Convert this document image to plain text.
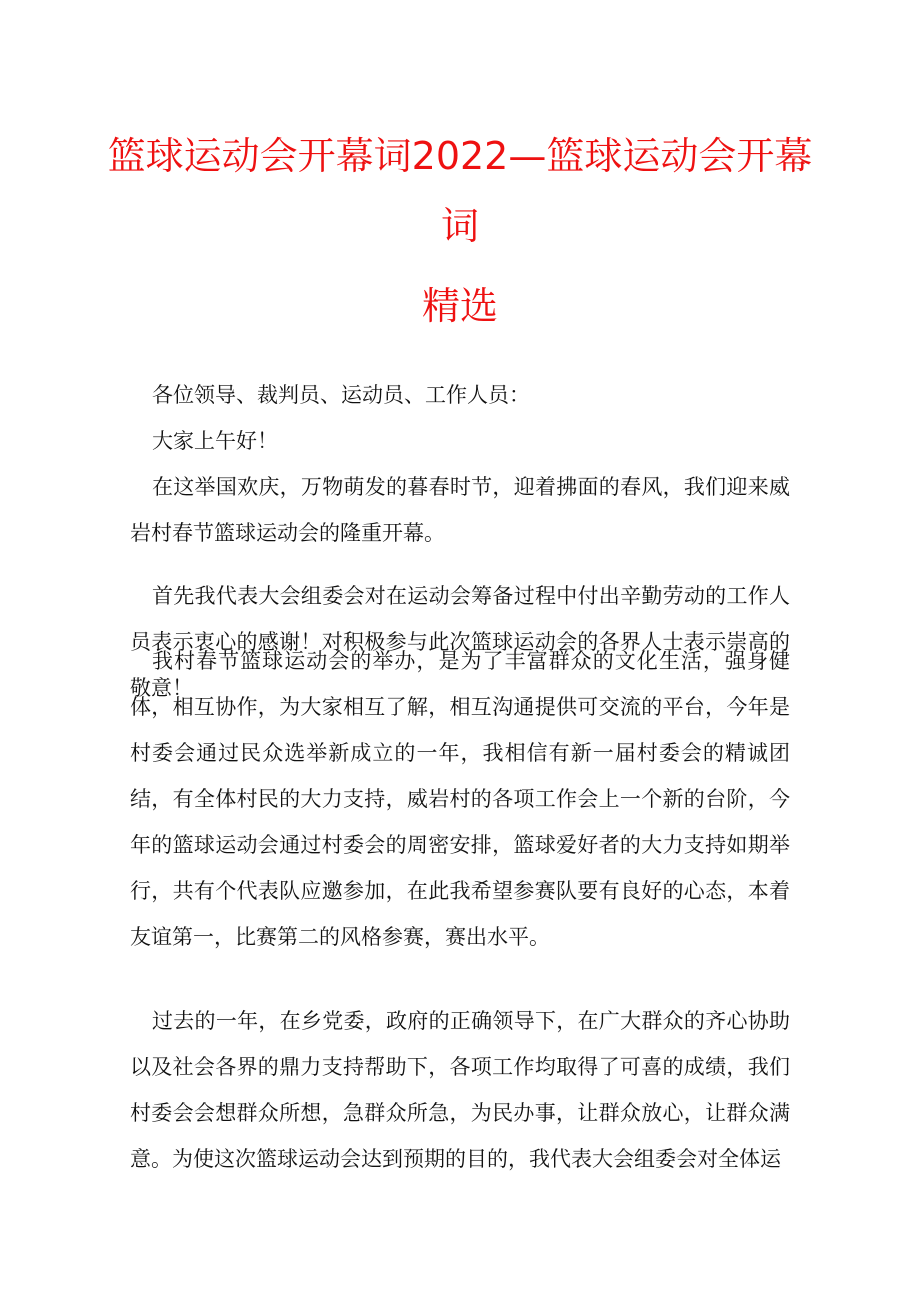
篮球运动会开幕词2022—篮球运动会开幕
词
精选

各位领导、裁判员、运动员、工作人员：

大家上午好！

在这举国欢庆，万物萌发的暮春时节，迎着拂面的春风，我们迎来威岩村春节篮球运动会的隆重开幕。

首先我代表大会组委会对在运动会筹备过程中付出辛勤劳动的工作人员表示衷心的感谢！对积极参与此次篮球运动会的各界人士表示崇高的敬意！

我村春节篮球运动会的举办，是为了丰富群众的文化生活，强身健体，相互协作，为大家相互了解，相互沟通提供可交流的平台，今年是村委会通过民众选举新成立的一年，我相信有新一届村委会的精诚团结，有全体村民的大力支持，威岩村的各项工作会上一个新的台阶，今年的篮球运动会通过村委会的周密安排，篮球爱好者的大力支持如期举行，共有个代表队应邀参加，在此我希望参赛队要有良好的心态，本着友谊第一，比赛第二的风格参赛，赛出水平。

过去的一年，在乡党委，政府的正确领导下，在广大群众的齐心协助以及社会各界的鼎力支持帮助下，各项工作均取得了可喜的成绩，我们村委会会想群众所想，急群众所急，为民办事，让群众放心，让群众满意。为使这次篮球运动会达到预期的目的，我代表大会组委会对全体运
